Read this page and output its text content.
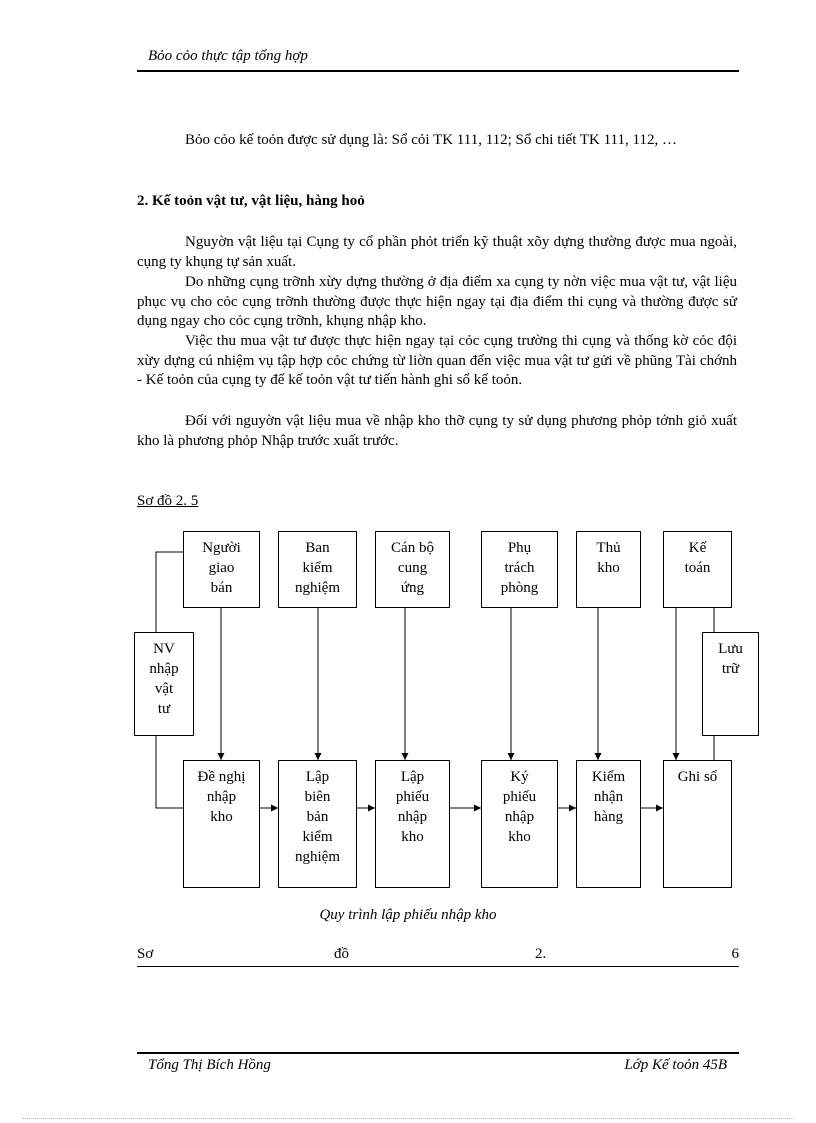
Bỏo cỏo thực tập tổng hợp
Bỏo cỏo kế toỏn được sử dụng là: Sổ cỏi TK 111, 112; Sổ chi tiết TK 111, 112, …
2. Kế toỏn vật tư, vật liệu, hàng hoỏ
Nguyờn vật liệu tại Cụng ty cổ phần phỏt triển kỹ thuật xõy dựng thường được mua ngoài, cụng ty khụng tự sản xuất.
Do những cụng trỡnh xừy dựng thường ở địa điểm xa cụng ty nờn việc mua vật tư, vật liệu phục vụ cho cỏc cụng trỡnh thường được thực hiện ngay tại địa điểm thi cụng và thường được sử dụng ngay cho cỏc cụng trỡnh, khụng nhập kho.
Việc thu mua vật tư được thực hiện ngay tại cỏc cụng trường thi cụng và thống kờ cỏc đội xừy dựng cú nhiệm vụ tập hợp cỏc chứng từ liờn quan đến việc mua vật tư gửi về phũng Tài chớnh - Kế toỏn của cụng ty để kế toỏn vật tư tiến hành ghi sổ kế toỏn.
Đối với nguyờn vật liệu mua về nhập kho thỡ cụng ty sử dụng phương phỏp tớnh giỏ xuất kho là phương phỏp Nhập trước xuất trước.
Sơ đồ 2. 5
Người
giao
bán
Ban
kiểm
nghiệm
Cán bộ
cung
ứng
Phụ
trách
phòng
Thủ
kho
Kế
toán
NV
nhập
vật
tư
Lưu
trữ
Đề nghị
nhập
kho
Lập
biên
bản
kiểm
nghiệm
Lập
phiếu
nhập
kho
Ký
phiếu
nhập
kho
Kiểm
nhận
hàng
Ghi sổ
Quy trình lập phiếu nhập kho
Sơ	đồ	2.	6
Tổng Thị Bích Hồng	Lớp Kế toỏn 45B
